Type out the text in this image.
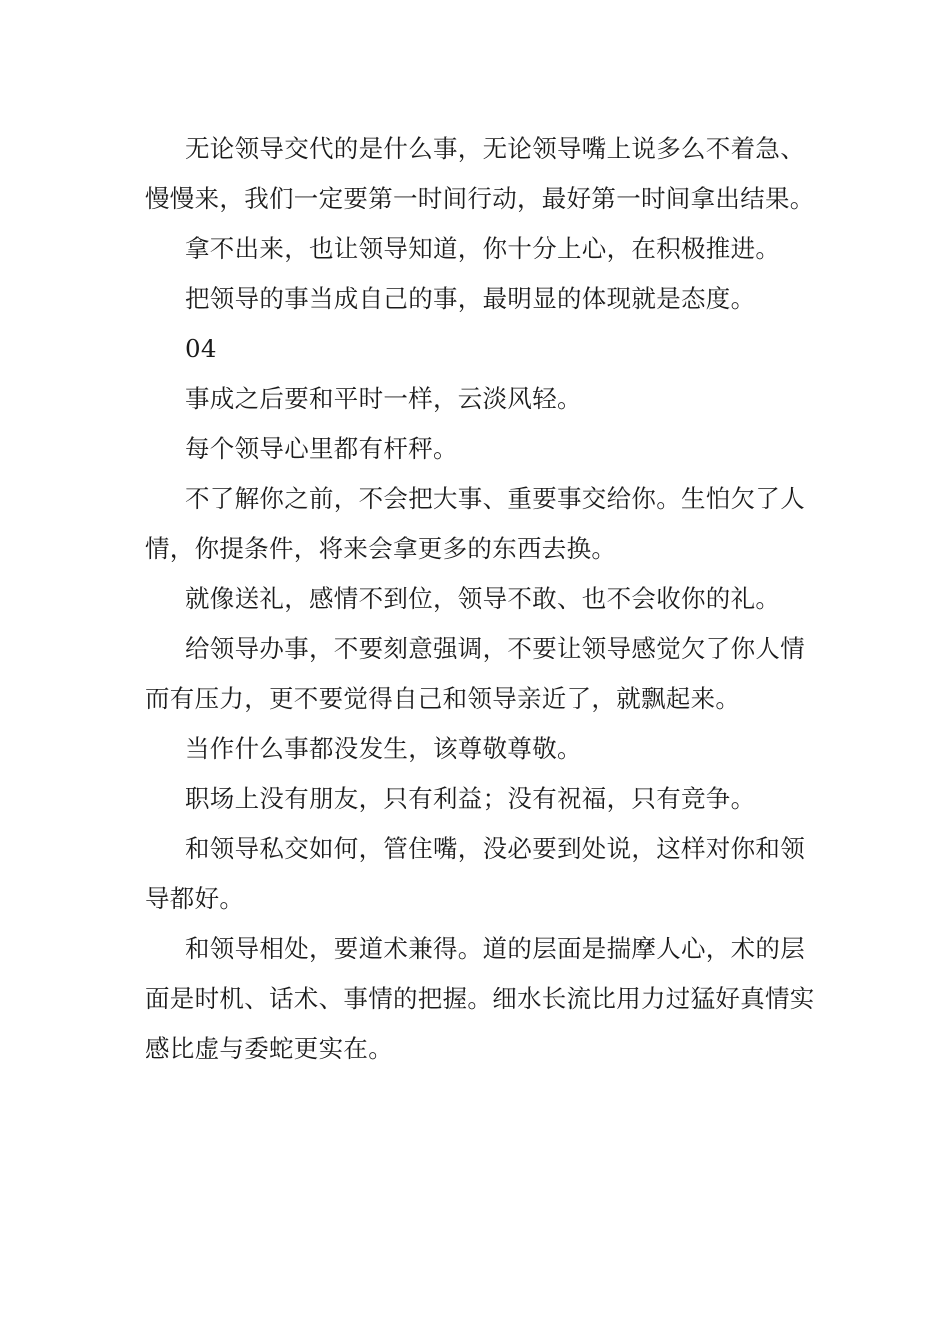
无论领导交代的是什么事，无论领导嘴上说多么不着急、慢慢来，我们一定要第一时间行动，最好第一时间拿出结果。

拿不出来，也让领导知道，你十分上心，在积极推进。

把领导的事当成自己的事，最明显的体现就是态度。

04

事成之后要和平时一样，云淡风轻。

每个领导心里都有杆秤。

不了解你之前，不会把大事、重要事交给你。生怕欠了人情，你提条件，将来会拿更多的东西去换。

就像送礼，感情不到位，领导不敢、也不会收你的礼。

给领导办事，不要刻意强调，不要让领导感觉欠了你人情而有压力，更不要觉得自己和领导亲近了，就飘起来。

当作什么事都没发生，该尊敬尊敬。

职场上没有朋友，只有利益；没有祝福，只有竞争。

和领导私交如何，管住嘴，没必要到处说，这样对你和领导都好。

和领导相处，要道术兼得。道的层面是揣摩人心，术的层面是时机、话术、事情的把握。细水长流比用力过猛好真情实感比虚与委蛇更实在。
